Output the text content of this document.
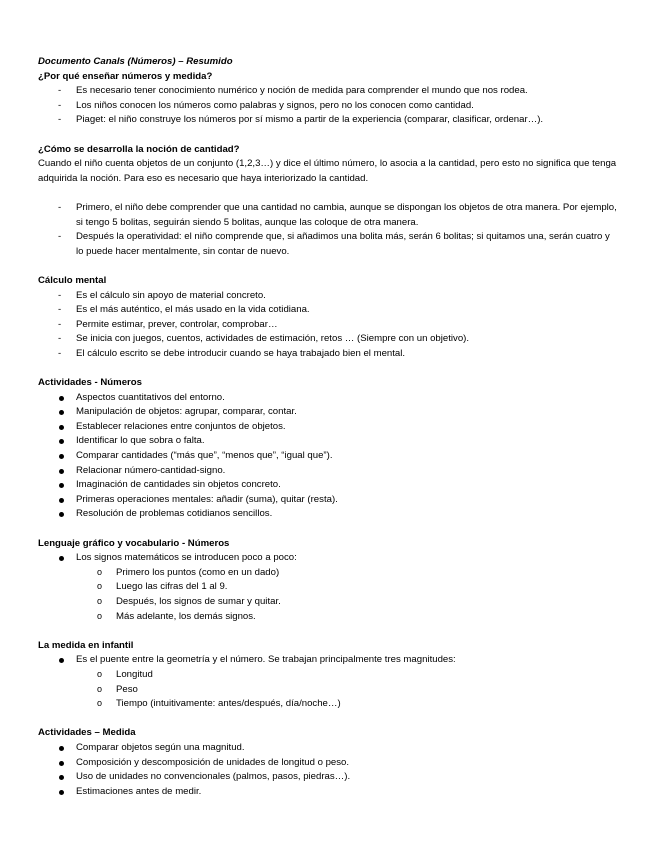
Documento Canals (Números) – Resumido
¿Por qué enseñar números y medida?
- Es necesario tener conocimiento numérico y noción de medida para comprender el mundo que nos rodea.
- Los niños conocen los números como palabras y signos, pero no los conocen como cantidad.
- Piaget: el niño construye los números por sí mismo a partir de la experiencia (comparar, clasificar, ordenar…).
¿Cómo se desarrolla la noción de cantidad?

Cuando el niño cuenta objetos de un conjunto (1,2,3…) y dice el último número, lo asocia a la cantidad, pero esto no significa que tenga adquirida la noción. Para eso es necesario que haya interiorizado la cantidad.

- Primero, el niño debe comprender que una cantidad no cambia, aunque se dispongan los objetos de otra manera. Por ejemplo, si tengo 5 bolitas, seguirán siendo 5 bolitas, aunque las coloque de otra manera.
- Después la operatividad: el niño comprende que, si añadimos una bolita más, serán 6 bolitas; si quitamos una, serán cuatro y lo puede hacer mentalmente, sin contar de nuevo.
Cálculo mental
- Es el cálculo sin apoyo de material concreto.
- Es el más auténtico, el más usado en la vida cotidiana.
- Permite estimar, prever, controlar, comprobar…
- Se inicia con juegos, cuentos, actividades de estimación, retos … (Siempre con un objetivo).
- El cálculo escrito se debe introducir cuando se haya trabajado bien el mental.
Actividades - Números
Aspectos cuantitativos del entorno.
Manipulación de objetos: agrupar, comparar, contar.
Establecer relaciones entre conjuntos de objetos.
Identificar lo que sobra o falta.
Comparar cantidades (“más que”, “menos que”, “igual que”).
Relacionar número-cantidad-signo.
Imaginación de cantidades sin objetos concreto.
Primeras operaciones mentales: añadir (suma), quitar (resta).
Resolución de problemas cotidianos sencillos.
Lenguaje gráfico y vocabulario - Números
Los signos matemáticos se introducen poco a poco:
o Primero los puntos (como en un dado)
o Luego las cifras del 1 al 9.
o Después, los signos de sumar y quitar.
o Más adelante, los demás signos.
La medida en infantil
Es el puente entre la geometría y el número. Se trabajan principalmente tres magnitudes:
o Longitud
o Peso
o Tiempo (intuitivamente: antes/después, día/noche…)
Actividades – Medida
Comparar objetos según una magnitud.
Composición y descomposición de unidades de longitud o peso.
Uso de unidades no convencionales (palmos, pasos, piedras…).
Estimaciones antes de medir.
